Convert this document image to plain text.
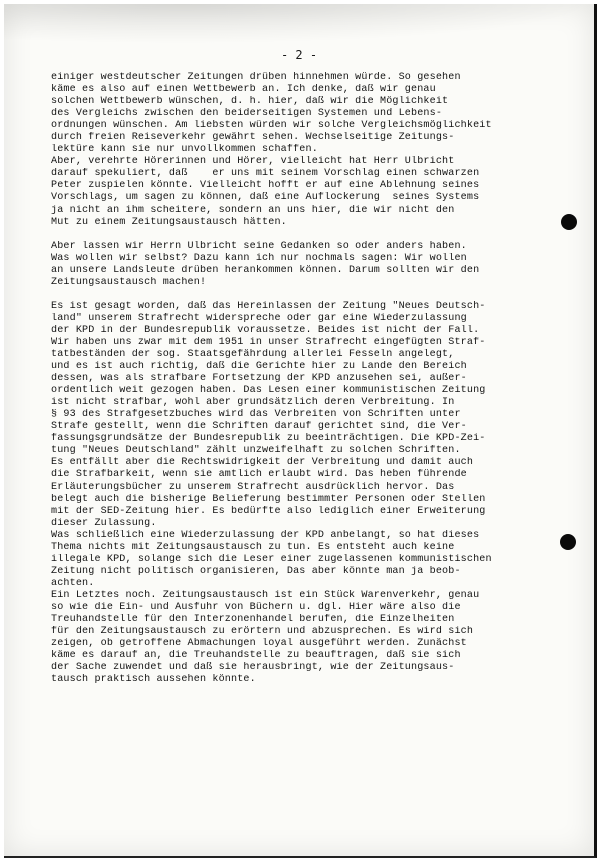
- 2 -
einiger westdeutscher Zeitungen drüben hinnehmen würde. So gesehen
käme es also auf einen Wettbewerb an. Ich denke, daß wir genau
solchen Wettbewerb wünschen, d. h. hier, daß wir die Möglichkeit
des Vergleichs zwischen den beiderseitigen Systemen und Lebens-
ordnungen wünschen. Am liebsten würden wir solche Vergleichsmöglichkeit
durch freien Reiseverkehr gewährt sehen. Wechselseitige Zeitungs-
lektüre kann sie nur unvollkommen schaffen.
Aber, verehrte Hörerinnen und Hörer, vielleicht hat Herr Ulbricht
darauf spekuliert, daß    er uns mit seinem Vorschlag einen schwarzen
Peter zuspielen könnte. Vielleicht hofft er auf eine Ablehnung seines
Vorschlags, um sagen zu können, daß eine Auflockerung  seines Systems
ja nicht an ihm scheitere, sondern an uns hier, die wir nicht den
Mut zu einem Zeitungsaustausch hätten.
Aber lassen wir Herrn Ulbricht seine Gedanken so oder anders haben.
Was wollen wir selbst? Dazu kann ich nur nochmals sagen: Wir wollen
an unsere Landsleute drüben herankommen können. Darum sollten wir den
Zeitungsaustausch machen!
Es ist gesagt worden, daß das Hereinlassen der Zeitung "Neues Deutsch-
land" unserem Strafrecht widerspreche oder gar eine Wiederzulassung
der KPD in der Bundesrepublik voraussetze. Beides ist nicht der Fall.
Wir haben uns zwar mit dem 1951 in unser Strafrecht eingefügten Straf-
tatbeständen der sog. Staatsgefährdung allerlei Fesseln angelegt,
und es ist auch richtig, daß die Gerichte hier zu Lande den Bereich
dessen, was als strafbare Fortsetzung der KPD anzusehen sei, außer-
ordentlich weit gezogen haben. Das Lesen einer kommunistischen Zeitung
ist nicht strafbar, wohl aber grundsätzlich deren Verbreitung. In
§ 93 des Strafgesetzbuches wird das Verbreiten von Schriften unter
Strafe gestellt, wenn die Schriften darauf gerichtet sind, die Ver-
fassungsgrundsätze der Bundesrepublik zu beeinträchtigen. Die KPD-Zei-
tung "Neues Deutschland" zählt unzweifelhaft zu solchen Schriften.
Es entfällt aber die Rechtswidrigkeit der Verbreitung und damit auch
die Strafbarkeit, wenn sie amtlich erlaubt wird. Das heben führende
Erläuterungsbücher zu unserem Strafrecht ausdrücklich hervor. Das
belegt auch die bisherige Belieferung bestimmter Personen oder Stellen
mit der SED-Zeitung hier. Es bedürfte also lediglich einer Erweiterung
dieser Zulassung.
Was schließlich eine Wiederzulassung der KPD anbelangt, so hat dieses
Thema nichts mit Zeitungsaustausch zu tun. Es entsteht auch keine
illegale KPD, solange sich die Leser einer zugelassenen kommunistischen
Zeitung nicht politisch organisieren, Das aber könnte man ja beob-
achten.
Ein Letztes noch. Zeitungsaustausch ist ein Stück Warenverkehr, genau
so wie die Ein- und Ausfuhr von Büchern u. dgl. Hier wäre also die
Treuhandstelle für den Interzonenhandel berufen, die Einzelheiten
für den Zeitungsaustausch zu erörtern und abzusprechen. Es wird sich
zeigen, ob getroffene Abmachungen loyal ausgeführt werden. Zunächst
käme es darauf an, die Treuhandstelle zu beauftragen, daß sie sich
der Sache zuwendet und daß sie herausbringt, wie der Zeitungsaus-
tausch praktisch aussehen könnte.
